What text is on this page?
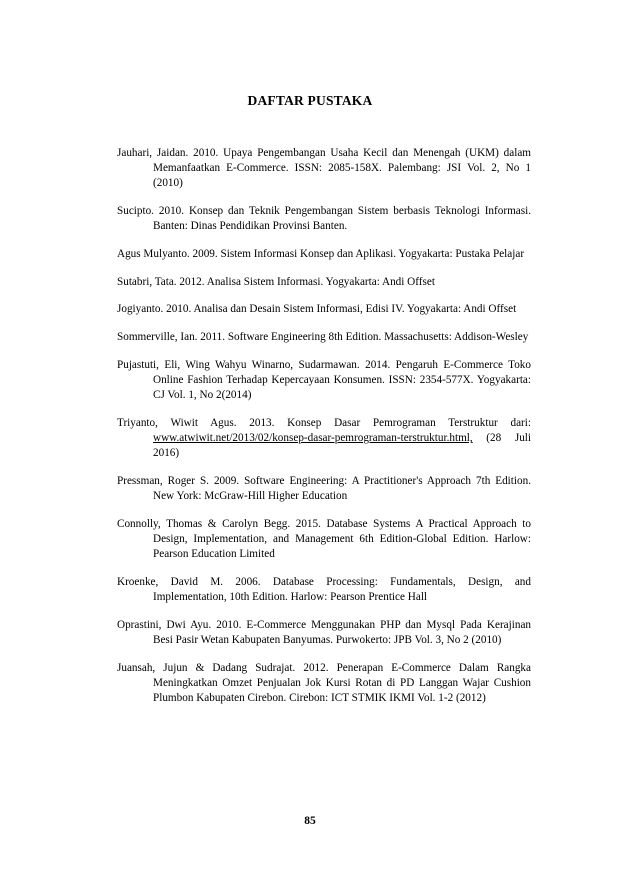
DAFTAR PUSTAKA

Jauhari, Jaidan. 2010. Upaya Pengembangan Usaha Kecil dan Menengah (UKM) dalam Memanfaatkan E-Commerce. ISSN: 2085-158X. Palembang: JSI Vol. 2, No 1 (2010)

Sucipto. 2010. Konsep dan Teknik Pengembangan Sistem berbasis Teknologi Informasi. Banten: Dinas Pendidikan Provinsi Banten.

Agus Mulyanto. 2009. Sistem Informasi Konsep dan Aplikasi. Yogyakarta: Pustaka Pelajar

Sutabri, Tata. 2012. Analisa Sistem Informasi. Yogyakarta: Andi Offset

Jogiyanto. 2010. Analisa dan Desain Sistem Informasi, Edisi IV. Yogyakarta: Andi Offset

Sommerville, Ian. 2011. Software Engineering 8th Edition. Massachusetts: Addison-Wesley

Pujastuti, Eli, Wing Wahyu Winarno, Sudarmawan. 2014. Pengaruh E-Commerce Toko Online Fashion Terhadap Kepercayaan Konsumen. ISSN: 2354-577X. Yogyakarta: CJ Vol. 1, No 2(2014)

Triyanto, Wiwit Agus. 2013. Konsep Dasar Pemrograman Terstruktur dari: www.atwiwit.net/2013/02/konsep-dasar-pemrograman-terstruktur.html, (28 Juli 2016)

Pressman, Roger S. 2009. Software Engineering: A Practitioner's Approach 7th Edition. New York: McGraw-Hill Higher Education

Connolly, Thomas & Carolyn Begg. 2015. Database Systems A Practical Approach to Design, Implementation, and Management 6th Edition-Global Edition. Harlow: Pearson Education Limited

Kroenke, David M. 2006. Database Processing: Fundamentals, Design, and Implementation, 10th Edition. Harlow: Pearson Prentice Hall

Oprastini, Dwi Ayu. 2010. E-Commerce Menggunakan PHP dan Mysql Pada Kerajinan Besi Pasir Wetan Kabupaten Banyumas. Purwokerto: JPB Vol. 3, No 2 (2010)

Juansah, Jujun & Dadang Sudrajat. 2012. Penerapan E-Commerce Dalam Rangka Meningkatkan Omzet Penjualan Jok Kursi Rotan di PD Langgan Wajar Cushion Plumbon Kabupaten Cirebon. Cirebon: ICT STMIK IKMI Vol. 1-2 (2012)

85
